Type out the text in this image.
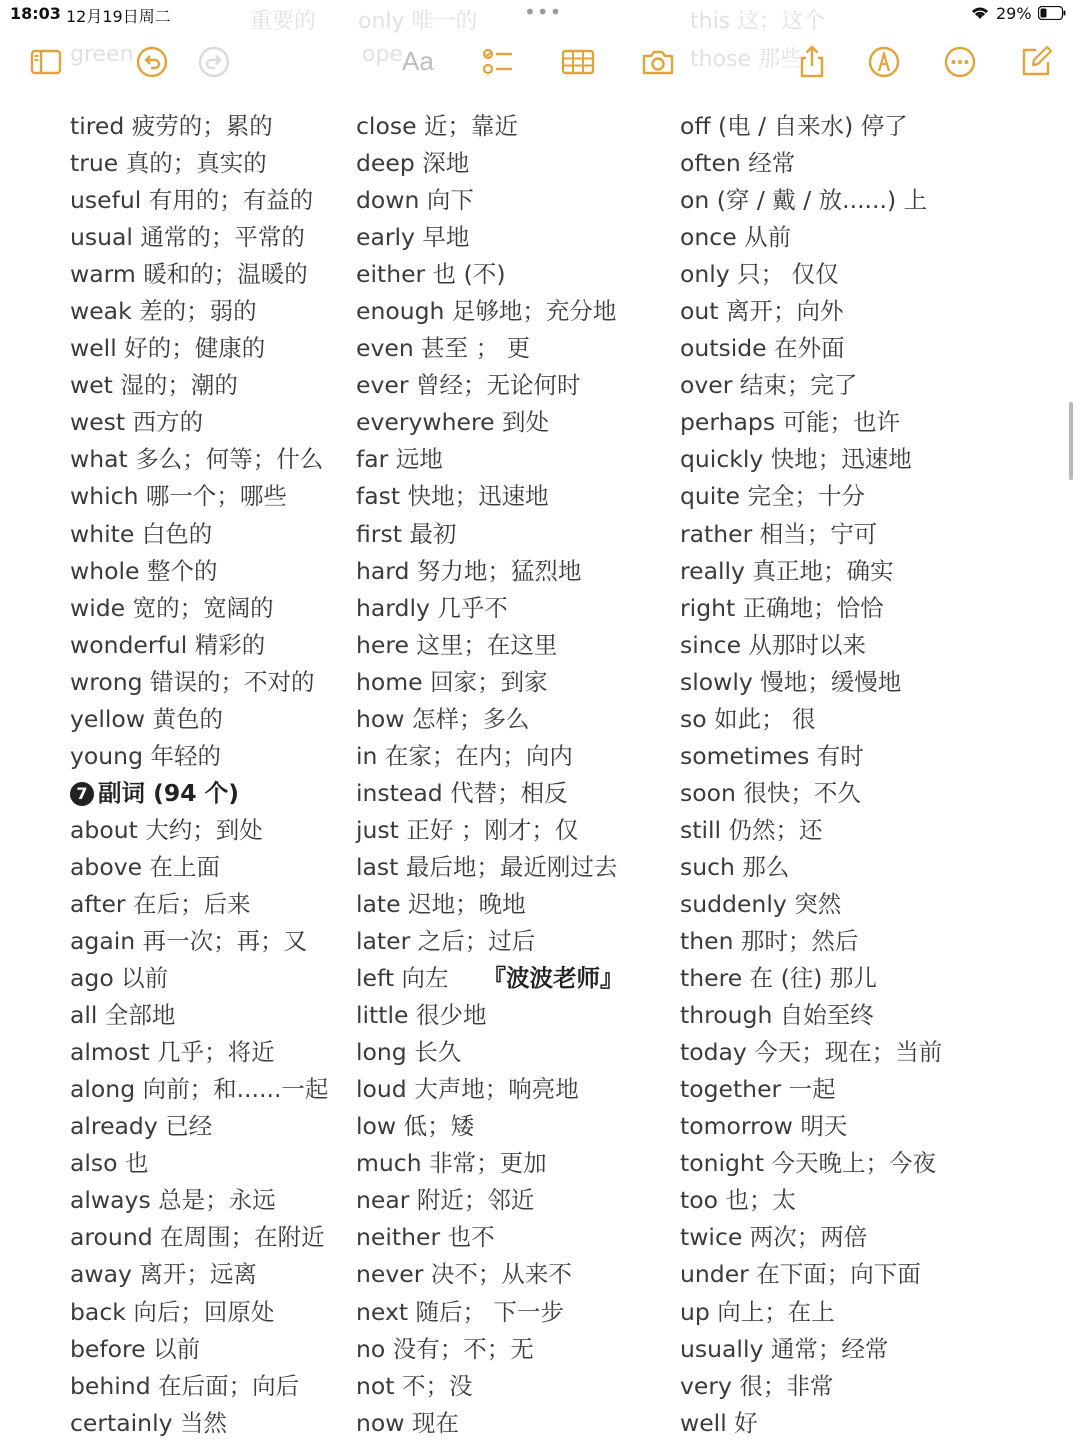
18:03 12月19日周二	•••	29%
重要的
green
only 唯一的
ope
this 这；这个
those 那些
Aa
tired 疲劳的；累的
true 真的；真实的
useful 有用的；有益的
usual 通常的；平常的
warm 暖和的；温暖的
weak 差的；弱的
well 好的；健康的
wet 湿的；潮的
west 西方的
what 多么；何等；什么
which 哪一个；哪些
white 白色的
whole 整个的
wide 宽的；宽阔的
wonderful 精彩的
wrong 错误的；不对的
yellow 黄色的
young 年轻的
7 副词 (94 个)
about 大约；到处
above 在上面
after 在后；后来
again 再一次；再；又
ago 以前
all 全部地
almost 几乎；将近
along 向前；和......一起
already 已经
also 也
always 总是；永远
around 在周围；在附近
away 离开；远离
back 向后；回原处
before 以前
behind 在后面；向后
certainly 当然
close 近；靠近
deep 深地
down 向下
early 早地
either 也 (不)
enough 足够地；充分地
even 甚至 ； 更
ever 曾经；无论何时
everywhere 到处
far 远地
fast 快地；迅速地
first 最初
hard 努力地；猛烈地
hardly 几乎不
here 这里；在这里
home 回家；到家
how 怎样；多么
in 在家；在内；向内
instead 代替；相反
just 正好 ；刚才；仅
last 最后地；最近刚过去
late 迟地；晚地
later 之后；过后
left 向左 『波波老师』
little 很少地
long 长久
loud 大声地；响亮地
low 低；矮
much 非常；更加
near 附近；邻近
neither 也不
never 决不；从来不
next 随后； 下一步
no 没有；不；无
not 不；没
now 现在
off (电 / 自来水) 停了
often 经常
on (穿 / 戴 / 放......) 上
once 从前
only 只； 仅仅
out 离开；向外
outside 在外面
over 结束；完了
perhaps 可能；也许
quickly 快地；迅速地
quite 完全；十分
rather 相当；宁可
really 真正地；确实
right 正确地；恰恰
since 从那时以来
slowly 慢地；缓慢地
so 如此； 很
sometimes 有时
soon 很快；不久
still 仍然；还
such 那么
suddenly 突然
then 那时；然后
there 在 (往) 那儿
through 自始至终
today 今天；现在；当前
together 一起
tomorrow 明天
tonight 今天晚上；今夜
too 也；太
twice 两次；两倍
under 在下面；向下面
up 向上；在上
usually 通常；经常
very 很；非常
well 好
